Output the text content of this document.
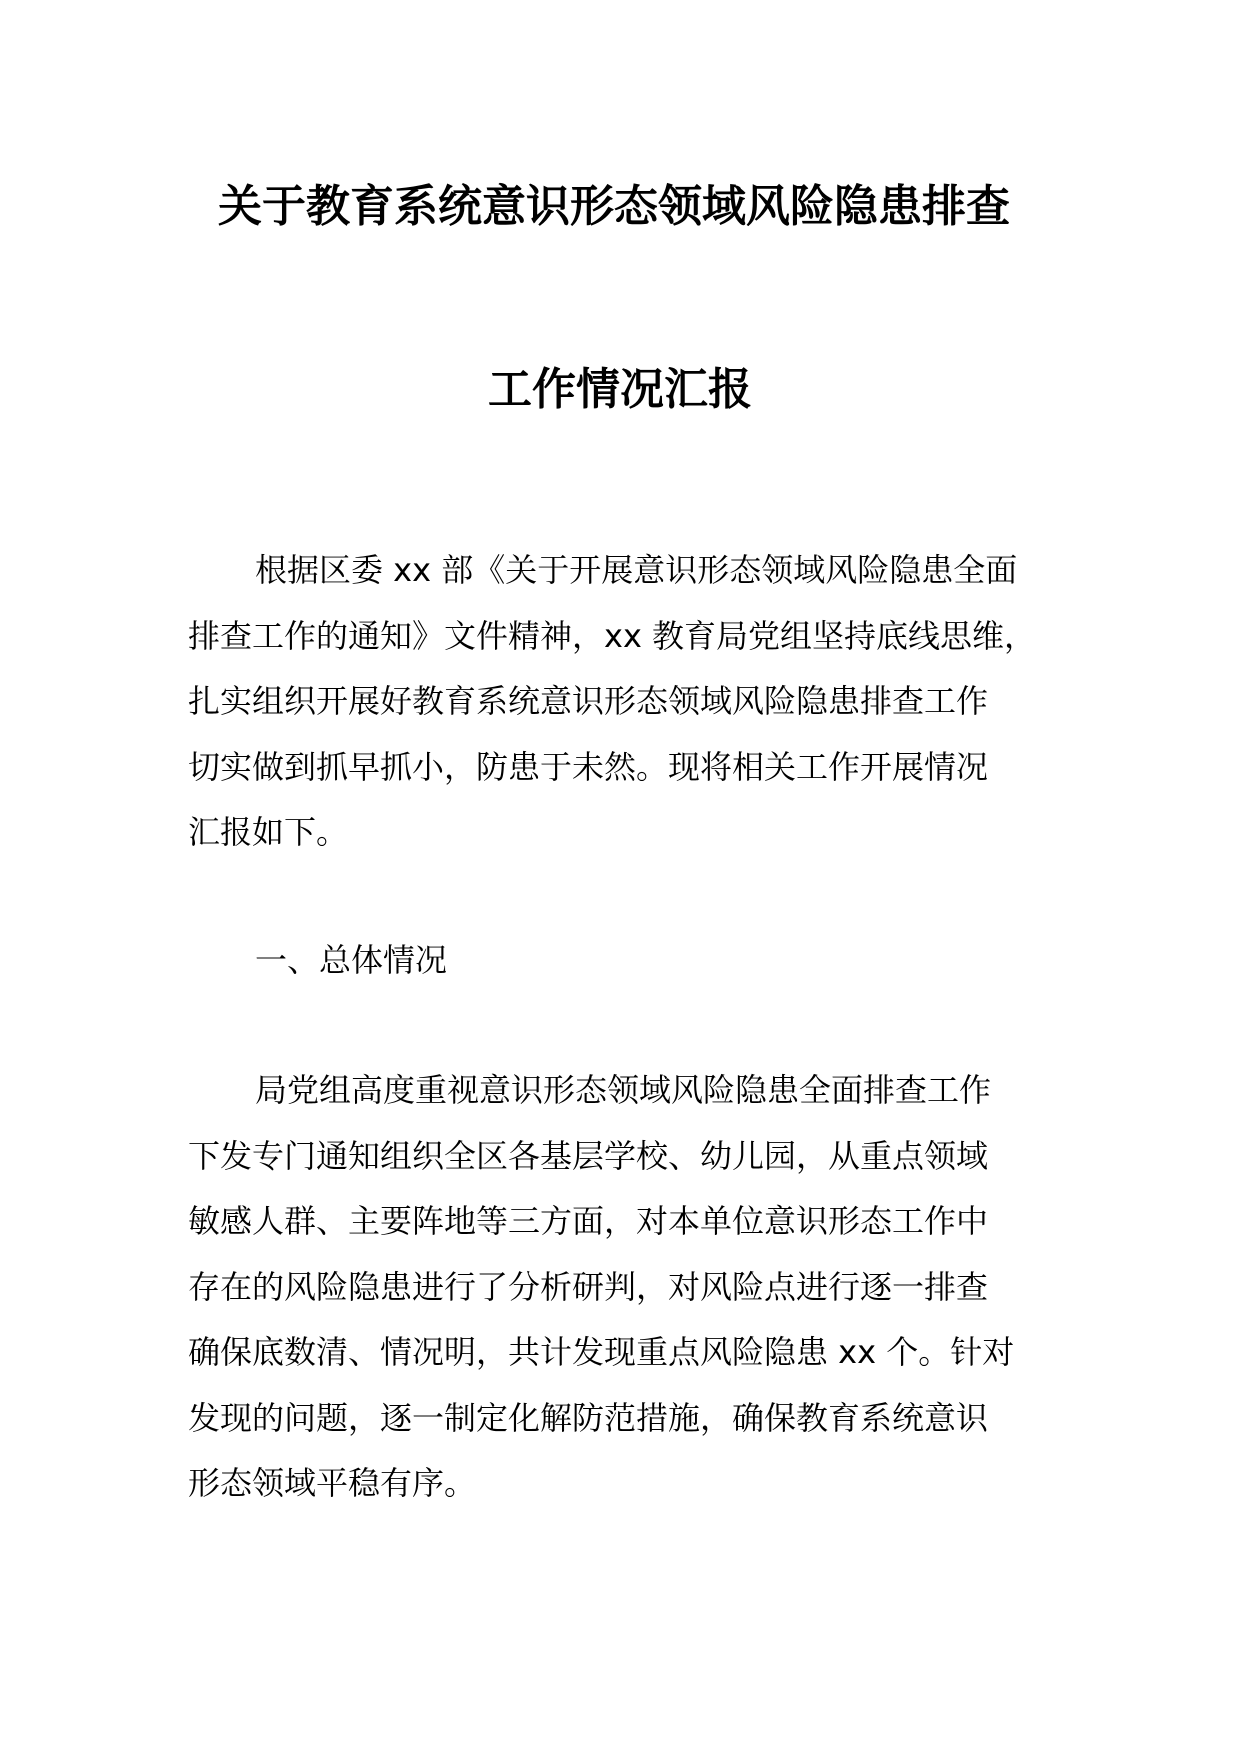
关于教育系统意识形态领域风险隐患排查
工作情况汇报
根据区委 xx 部《关于开展意识形态领域风险隐患全面
排查工作的通知》文件精神，xx 教育局党组坚持底线思维，
扎实组织开展好教育系统意识形态领域风险隐患排查工作
切实做到抓早抓小，防患于未然。现将相关工作开展情况
汇报如下。
一、总体情况
局党组高度重视意识形态领域风险隐患全面排查工作
下发专门通知组织全区各基层学校、幼儿园，从重点领域
敏感人群、主要阵地等三方面，对本单位意识形态工作中
存在的风险隐患进行了分析研判，对风险点进行逐一排查
确保底数清、情况明，共计发现重点风险隐患 xx 个。针对
发现的问题，逐一制定化解防范措施，确保教育系统意识
形态领域平稳有序。
